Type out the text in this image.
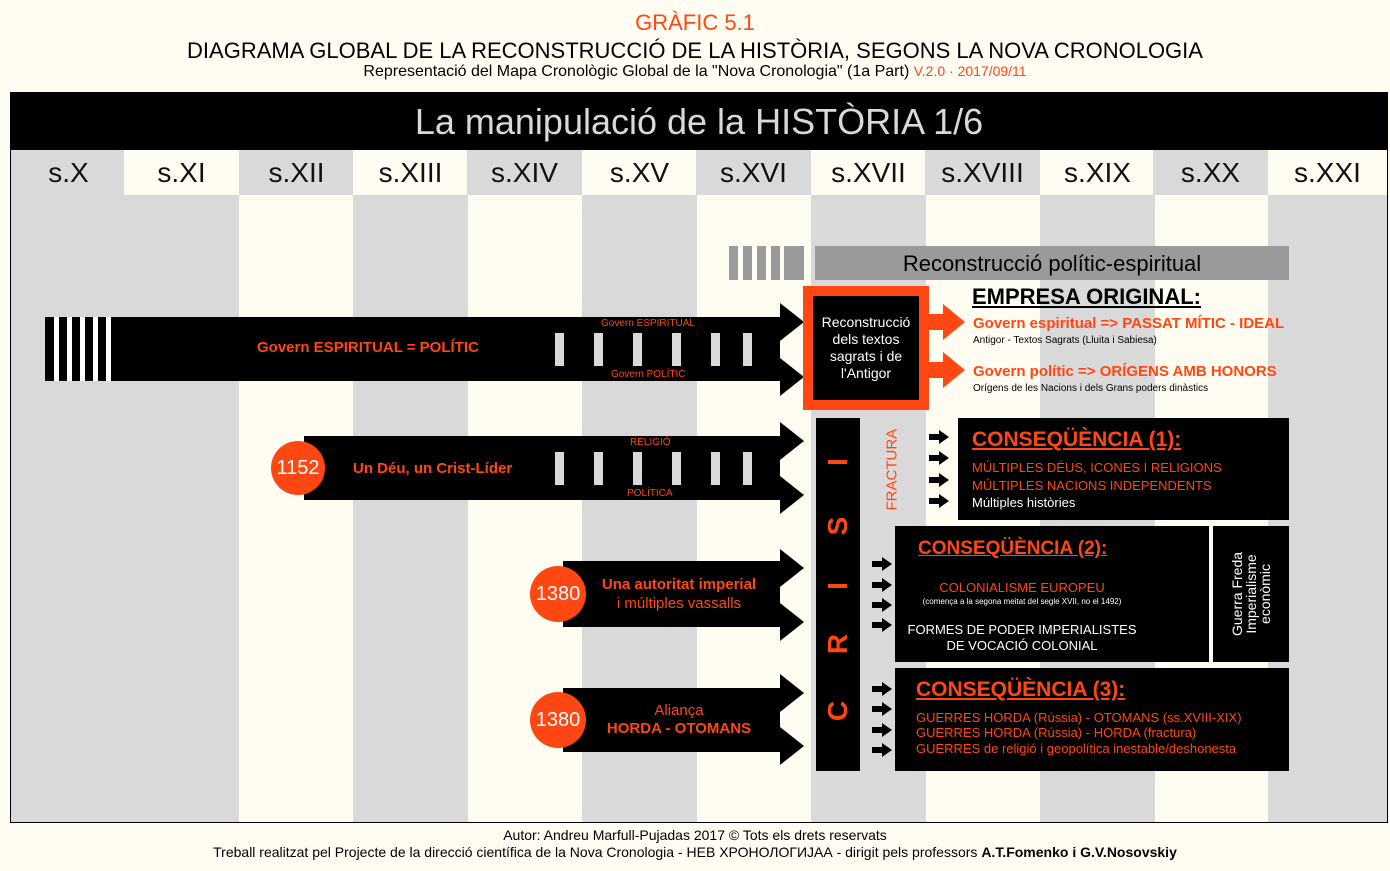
GRÀFIC 5.1
DIAGRAMA GLOBAL DE LA RECONSTRUCCIÓ DE LA HISTÒRIA, SEGONS LA NOVA CRONOLOGIA
Representació del Mapa Cronològic Global de la "Nova Cronologia" (1a Part) V.2.0 · 2017/09/11
La manipulació de la HISTÒRIA 1/6
s.X	s.XI	s.XII	s.XIII	s.XIV	s.XV	s.XVI	s.XVII	s.XVIII	s.XIX	s.XX	s.XXI
Reconstrucció polític-espiritual
Govern ESPIRITUAL = POLÍTIC
Govern ESPIRITUAL
Govern POLÍTIC
Reconstrucció dels textos sagrats i de l'Antigor
EMPRESA ORIGINAL:
Govern espiritual => PASSAT MÍTIC - IDEAL
Antigor - Textos Sagrats (Lluita i Sabiesa)
Govern polític => ORÍGENS AMB HONORS
Orígens de les Nacions i dels Grans poders dinàstics
1152	Un Déu, un Crist-Líder
RELIGIÓ
POLÍTICA
1380	Una autoritat imperial
i múltiples vassalls
1380	Aliança
HORDA - OTOMANS
I
S
I
R
C
FRACTURA	CONSEQÜÈNCIA (1):
MÚLTIPLES DÉUS, ICONES I RELIGIONS
MÚLTIPLES NACIONS INDEPENDENTS
Múltiples històries
CONSEQÜÈNCIA (2):
COLONIALISME EUROPEU
(comença a la segona meitat del segle XVII, no el 1492)
FORMES DE PODER IMPERIALISTES
DE VOCACIÓ COLONIAL
Guerra Freda
Imperialisme
econòmic
CONSEQÜÈNCIA (3):
GUERRES HORDA (Rússia) - OTOMANS (ss.XVIII-XIX)
GUERRES HORDA (Rússia) - HORDA (fractura)
GUERRES de religió i geopolítica inestable/deshonesta
Autor: Andreu Marfull-Pujadas 2017 © Tots els drets reservats
Treball realitzat pel Projecte de la direcció científica de la Nova Cronologia - НЕВ ХРОНОЛОГИЈАА - dirigit pels professors A.T.Fomenko i G.V.Nosovskiy
